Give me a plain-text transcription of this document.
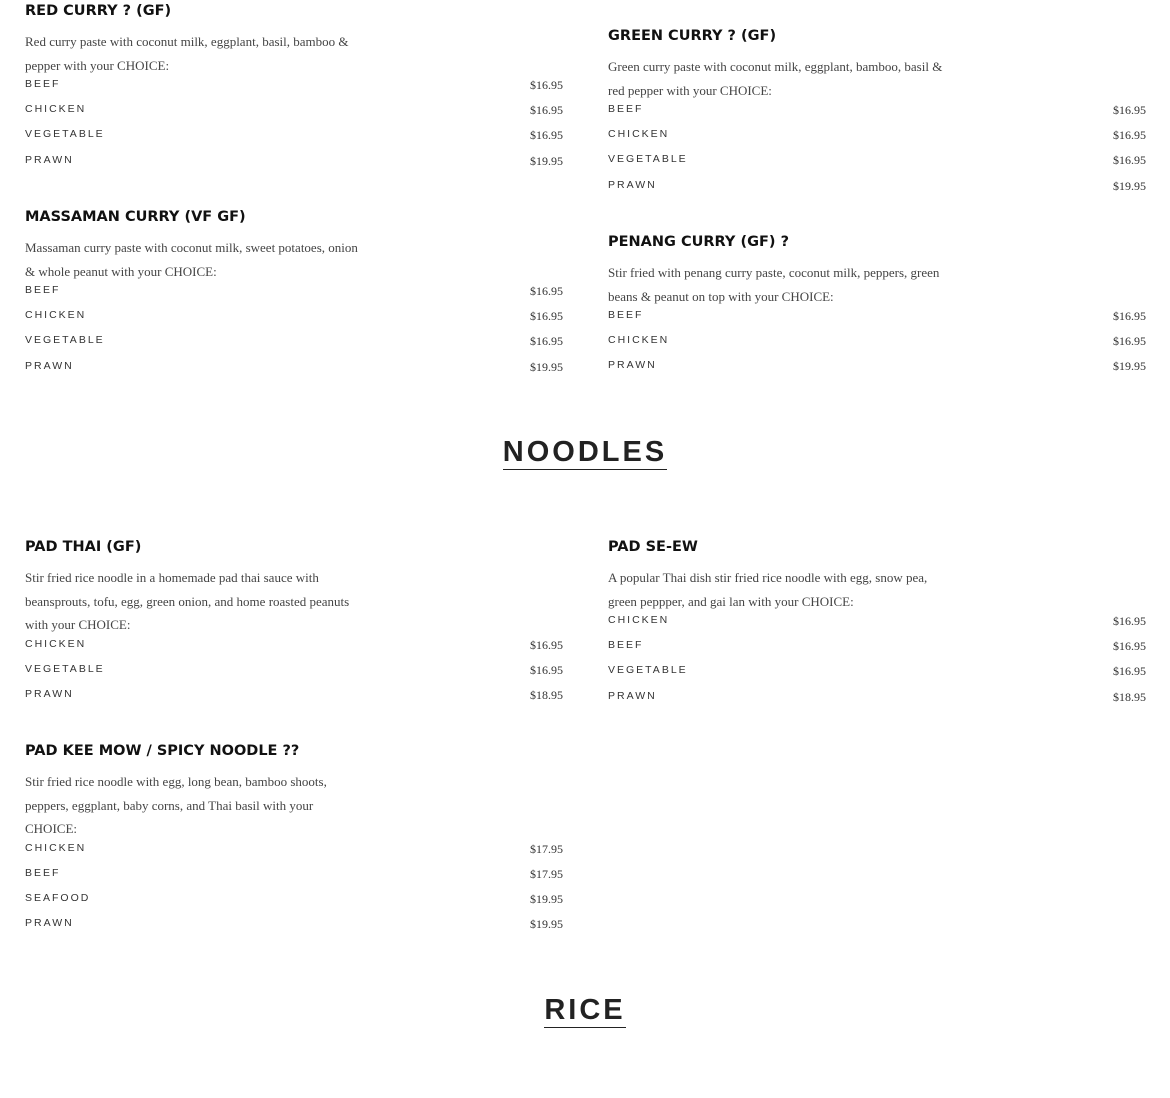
RED CURRY ? (GF)

Red curry paste with coconut milk, eggplant, basil, bamboo & pepper with your CHOICE:

BEEF	$16.95
CHICKEN	$16.95
VEGETABLE	$16.95
PRAWN	$19.95
MASSAMAN CURRY (VF GF)

Massaman curry paste with coconut milk, sweet potatoes, onion & whole peanut with your CHOICE:

BEEF	$16.95
CHICKEN	$16.95
VEGETABLE	$16.95
PRAWN	$19.95
GREEN CURRY ? (GF)

Green curry paste with coconut milk, eggplant, bamboo, basil & red pepper with your CHOICE:

BEEF	$16.95
CHICKEN	$16.95
VEGETABLE	$16.95
PRAWN	$19.95
PENANG CURRY (GF) ?

Stir fried with penang curry paste, coconut milk, peppers, green beans & peanut on top with your CHOICE:

BEEF	$16.95
CHICKEN	$16.95
PRAWN	$19.95
NOODLES
PAD THAI (GF)

Stir fried rice noodle in a homemade pad thai sauce with beansprouts, tofu, egg, green onion, and home roasted peanuts with your CHOICE:

CHICKEN	$16.95
VEGETABLE	$16.95
PRAWN	$18.95
PAD KEE MOW / SPICY NOODLE ??

Stir fried rice noodle with egg, long bean, bamboo shoots, peppers, eggplant, baby corns, and Thai basil with your CHOICE:

CHICKEN	$17.95
BEEF	$17.95
SEAFOOD	$19.95
PRAWN	$19.95
PAD SE-EW

A popular Thai dish stir fried rice noodle with egg, snow pea, green peppper, and gai lan with your CHOICE:

CHICKEN	$16.95
BEEF	$16.95
VEGETABLE	$16.95
PRAWN	$18.95
RICE
